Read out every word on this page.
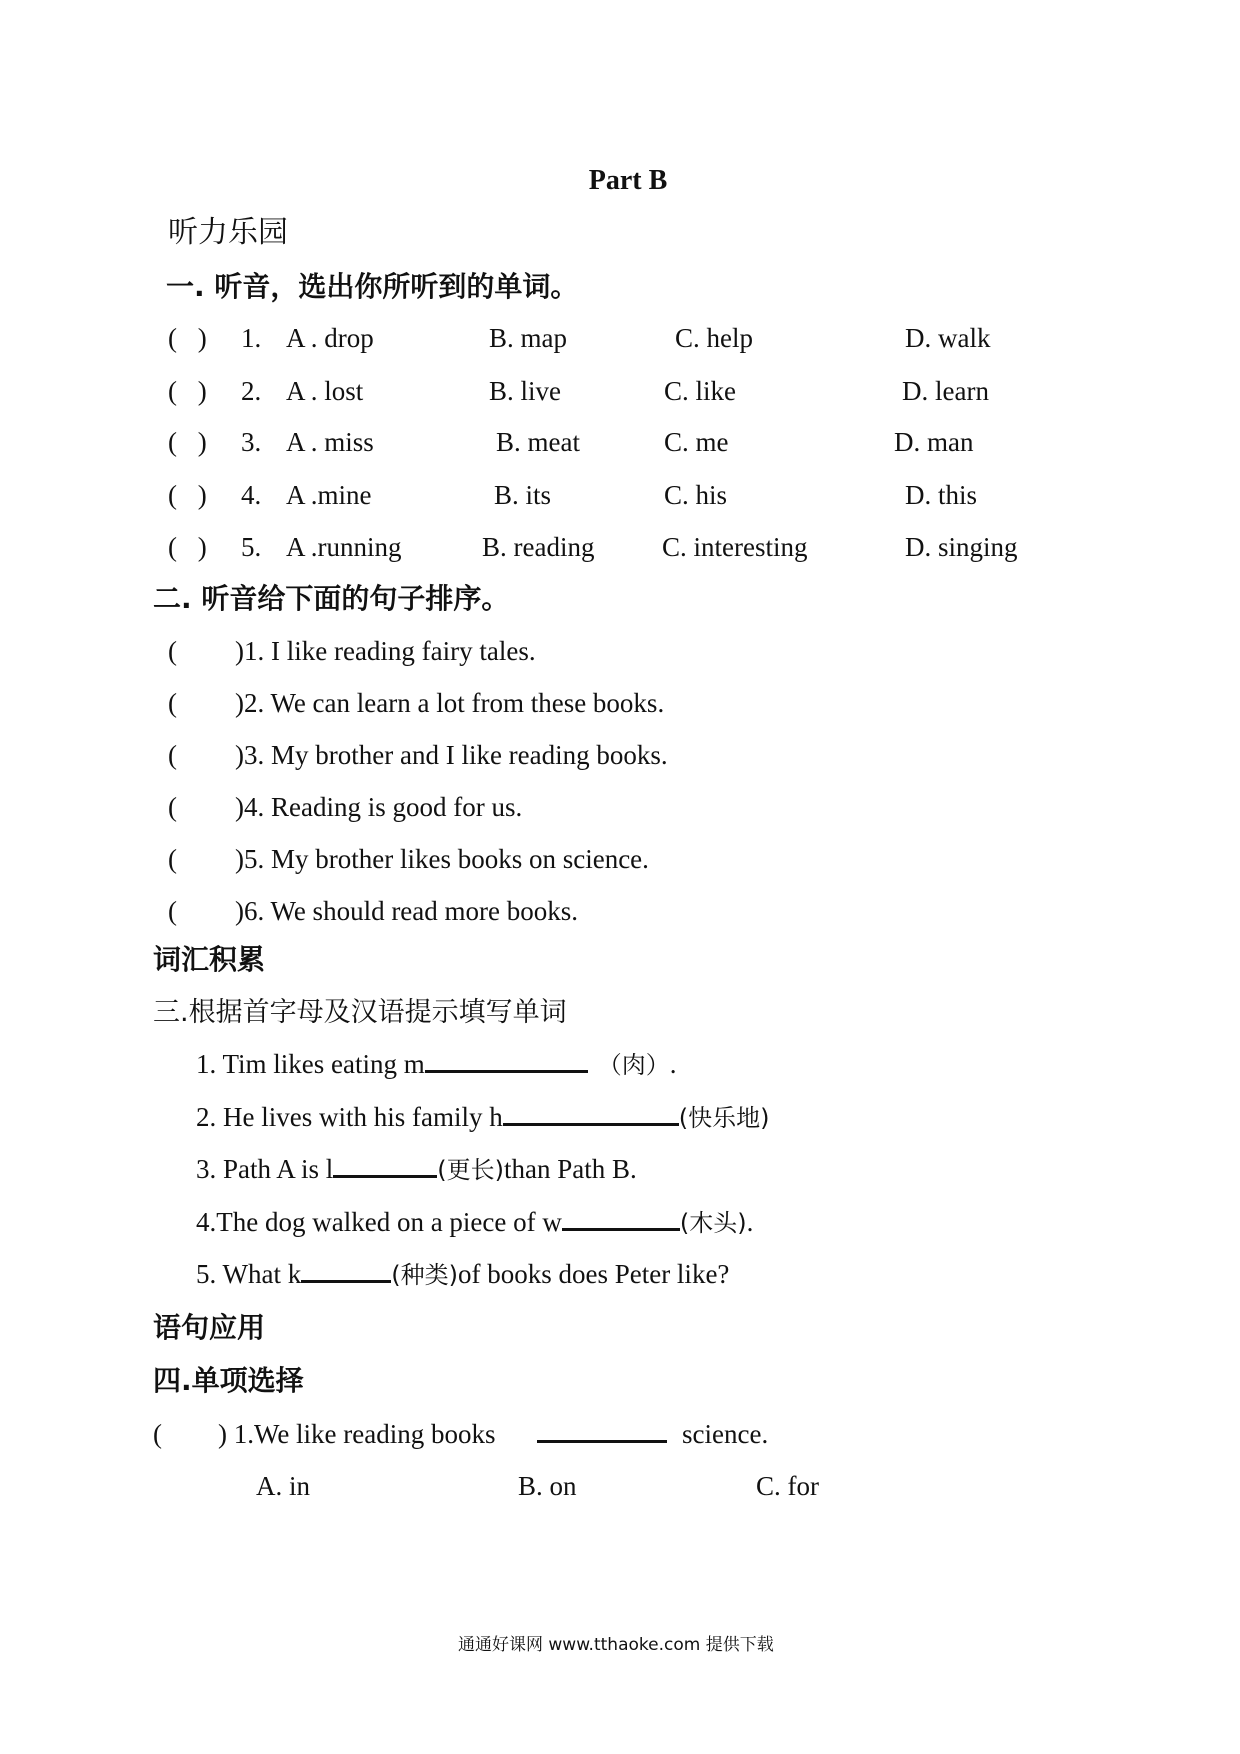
Part B
听力乐园
一. 听音，选出你所听到的单词。
( ) 1. A . drop	B. map	C. help	D. walk
( ) 2. A . lost	B. live	C. like	D. learn
( ) 3. A . miss	B. meat	C. me	D. man
( ) 4. A .mine	B. its	C. his	D. this
( ) 5. A .running	B. reading	C. interesting	D. singing
二. 听音给下面的句子排序。
( )1. I like reading fairy tales.
( )2. We can learn a lot from these books.
( )3. My brother and I like reading books.
( )4. Reading is good for us.
( )5. My brother likes books on science.
( )6. We should read more books.
词汇积累
三.根据首字母及汉语提示填写单词
1. Tim likes eating m	（肉）.
2. He lives with his family h	(快乐地)
3. Path A is l	(更长)than Path B.
4.The dog walked on a piece of w	(木头).
5. What k	(种类)of books does Peter like?
语句应用
四.单项选择
( ) 1.We like reading books	science.
A. in	B. on	C. for
通通好课网 www.tthaoke.com 提供下载
